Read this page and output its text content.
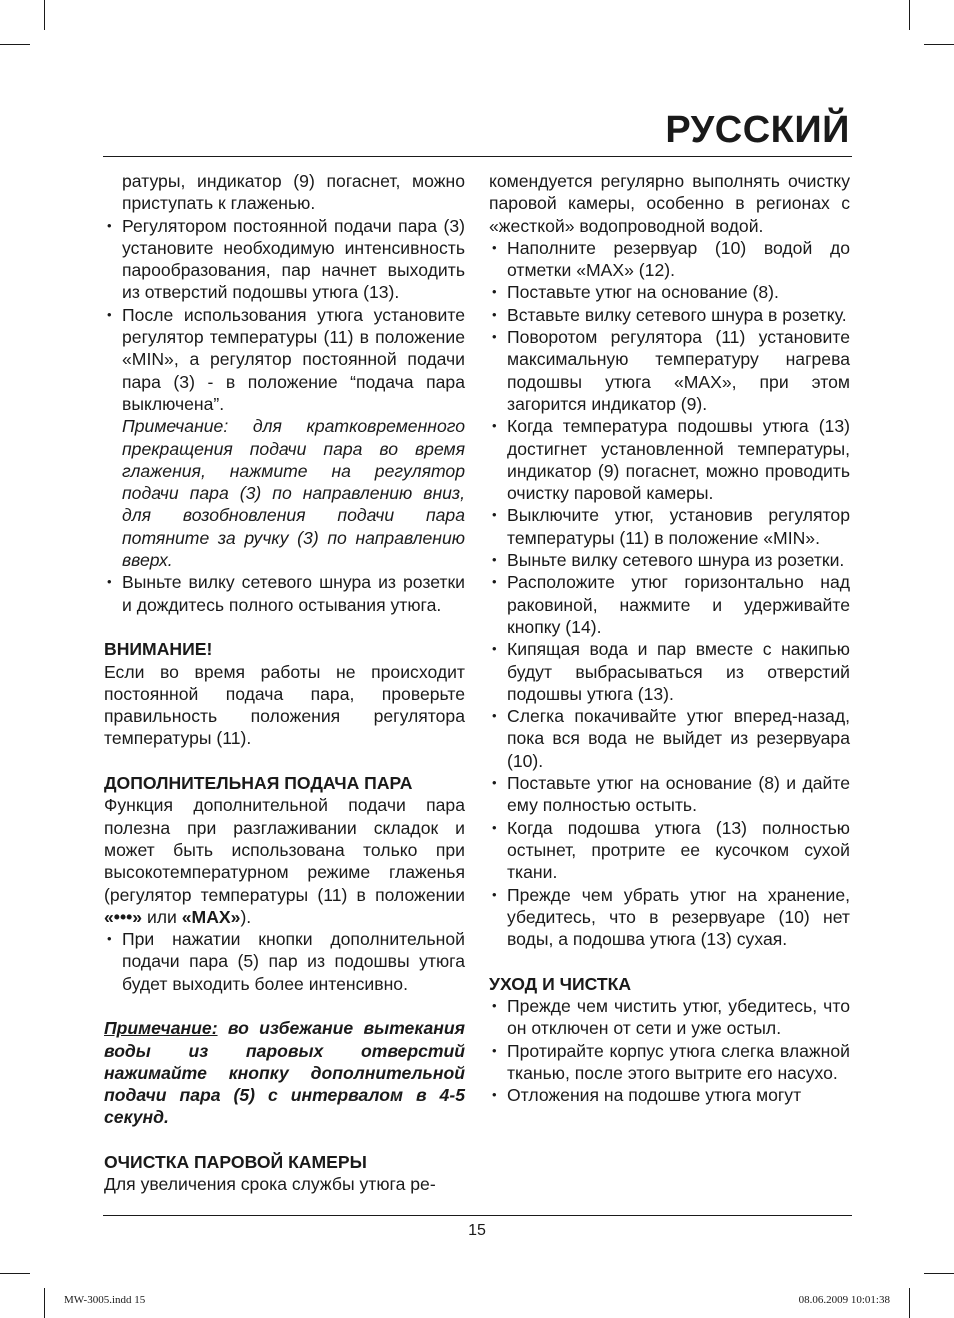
РУССКИЙ

ратуры, индикатор (9) погаснет, можно приступать к глаженью.

• Регулятором постоянной подачи пара (3) установите необходимую интенсивность парообразования, пар начнет выходить из отверстий подошвы утюга (13).
• После использования утюга установите регулятор температуры (11) в положение «MIN», а регулятор постоянной подачи пара (3) - в положение “подача пара выключена”.

Примечание: для кратковременного прекращения подачи пара во время глажения, нажмите на регулятор подачи пара (3) по направлению вниз, для возобновления подачи пара потяните за ручку (3) по направлению вверх.

• Выньте вилку сетевого шнура из розетки и дождитесь полного остывания утюга.

ВНИМАНИЕ!

Если во время работы не происходит постоянной подача пара, проверьте правильность положения регулятора температуры (11).

ДОПОЛНИТЕЛЬНАЯ ПОДАЧА ПАРА

Функция дополнительной подачи пара полезна при разглаживании складок и может быть использована только при высокотемпературном режиме глаженья (регулятор температуры (11) в положении «•••» или «MAX»).

• При нажатии кнопки дополнительной подачи пара (5) пар из подошвы утюга будет выходить более интенсивно.

Примечание: во избежание вытекания воды из паровых отверстий нажимайте кнопку дополнительной подачи пара (5) с интервалом в 4-5 секунд.

ОЧИСТКА ПАРОВОЙ КАМЕРЫ

Для увеличения срока службы утюга ре-

комендуется регулярно выполнять очистку паровой камеры, особенно в регионах с «жесткой» водопроводной водой.

• Наполните резервуар (10) водой до отметки «MAX» (12).
• Поставьте утюг на основание (8).
• Вставьте вилку сетевого шнура в розетку.
• Поворотом регулятора (11) установите максимальную температуру нагрева подошвы утюга «MAX», при этом загорится индикатор (9).
• Когда температура подошвы утюга (13) достигнет установленной температуры, индикатор (9) погаснет, можно проводить очистку паровой камеры.
• Выключите утюг, установив регулятор температуры (11) в положение «MIN».
• Выньте вилку сетевого шнура из розетки.
• Расположите утюг горизонтально над раковиной, нажмите и удерживайте кнопку (14).
• Кипящая вода и пар вместе с накипью будут выбрасываться из отверстий подошвы утюга (13).
• Слегка покачивайте утюг вперед-назад, пока вся вода не выйдет из резервуара (10).
• Поставьте утюг на основание (8) и дайте ему полностью остыть.
• Когда подошва утюга (13) полностью остынет, протрите ее кусочком сухой ткани.
• Прежде чем убрать утюг на хранение, убедитесь, что в резервуаре (10) нет воды, а подошва утюга (13) сухая.

УХОД И ЧИСТКА

• Прежде чем чистить утюг, убедитесь, что он отключен от сети и уже остыл.
• Протирайте корпус утюга слегка влажной тканью, после этого вытрите его насухо.
• Отложения на подошве утюга могут
15
MW-3005.indd 15	08.06.2009 10:01:38
